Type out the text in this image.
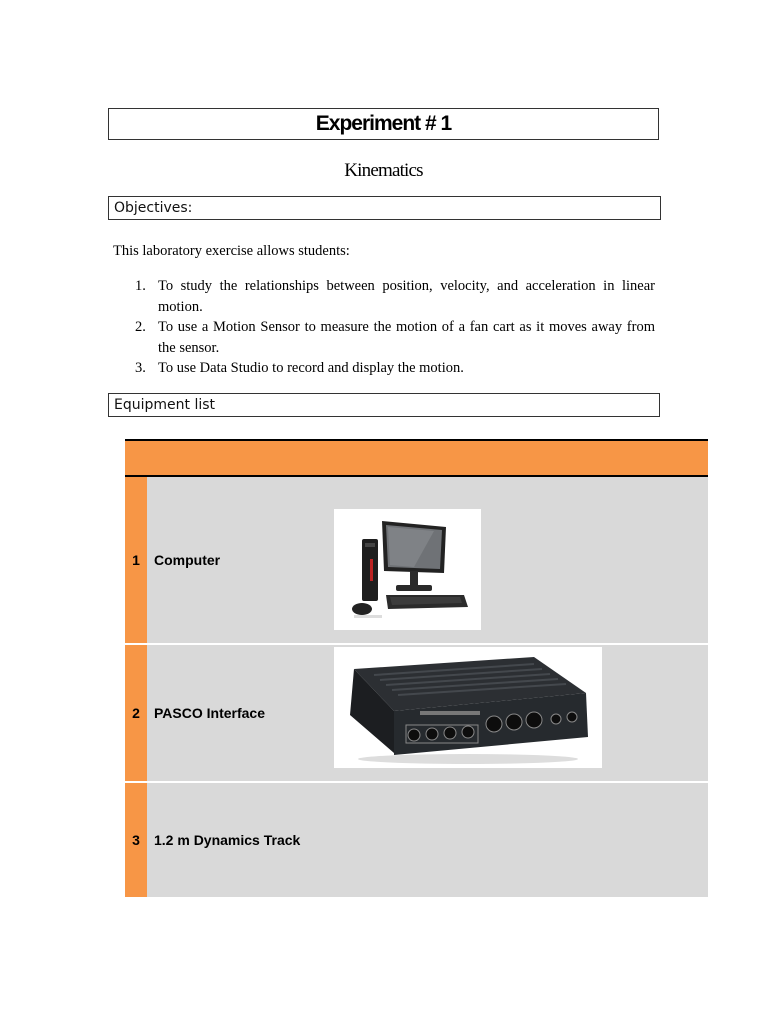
Experiment # 1
Kinematics
Objectives:
This laboratory exercise allows students:
1. To study the relationships between position, velocity, and acceleration in linear motion.
2. To use a Motion Sensor to measure the motion of a fan cart as it moves away from the sensor.
3. To use Data Studio to record and display the motion.
Equipment list
1	Computer
2	PASCO Interface
3	1.2 m Dynamics Track
